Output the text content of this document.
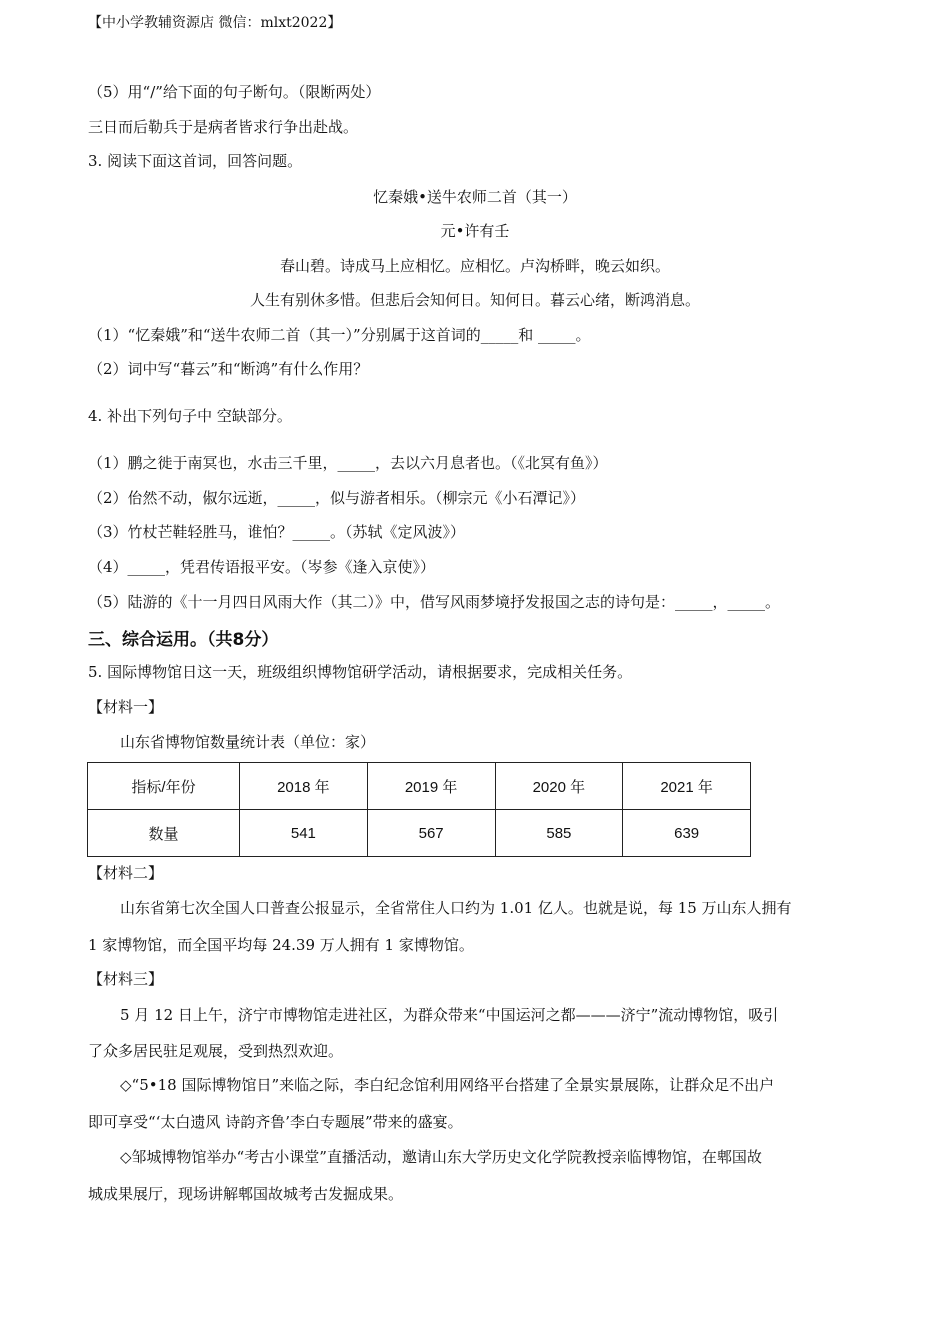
【中小学教辅资源店 微信：mlxt2022】
（5）用“/”给下面的句子断句。（限断两处）
三日而后勒兵于是病者皆求行争出赴战。
3. 阅读下面这首词，回答问题。
忆秦娥•送牛农师二首（其一）
元•许有壬
春山碧。诗成马上应相忆。应相忆。卢沟桥畔，晚云如织。
人生有别休多惜。但悲后会知何日。知何日。暮云心绪，断鸿消息。
（1）“忆秦娥”和“送牛农师二首（其一）”分别属于这首词的_____和 _____。
（2）词中写“暮云”和“断鸿”有什么作用？
4. 补出下列句子中 空缺部分。
（1）鹏之徙于南冥也，水击三千里，_____，去以六月息者也。（《北冥有鱼》）
（2）佁然不动，俶尔远逝，_____，似与游者相乐。（柳宗元《小石潭记》）
（3）竹杖芒鞋轻胜马，谁怕？_____。（苏轼《定风波》）
（4）_____，凭君传语报平安。（岑参《逢入京使》）
（5）陆游的《十一月四日风雨大作（其二）》中，借写风雨梦境抒发报国之志的诗句是：_____，_____。
三、综合运用。（共8分）
5. 国际博物馆日这一天，班级组织博物馆研学活动，请根据要求，完成相关任务。
【材料一】
山东省博物馆数量统计表（单位：家）
指标/年份	2018 年	2019 年	2020 年	2021 年
数量	541	567	585	639
【材料二】
山东省第七次全国人口普查公报显示，全省常住人口约为 1.01 亿人。也就是说，每 15 万山东人拥有
1 家博物馆，而全国平均每 24.39 万人拥有 1 家博物馆。
【材料三】
5 月 12 日上午，济宁市博物馆走进社区，为群众带来“中国运河之都———济宁”流动博物馆，吸引
了众多居民驻足观展，受到热烈欢迎。
◇“5•18 国际博物馆日”来临之际，李白纪念馆利用网络平台搭建了全景实景展陈，让群众足不出户
即可享受“‘太白遗风 诗韵齐鲁’李白专题展”带来的盛宴。
◇邹城博物馆举办“考古小课堂”直播活动，邀请山东大学历史文化学院教授亲临博物馆，在郫国故
城成果展厅，现场讲解郫国故城考古发掘成果。
